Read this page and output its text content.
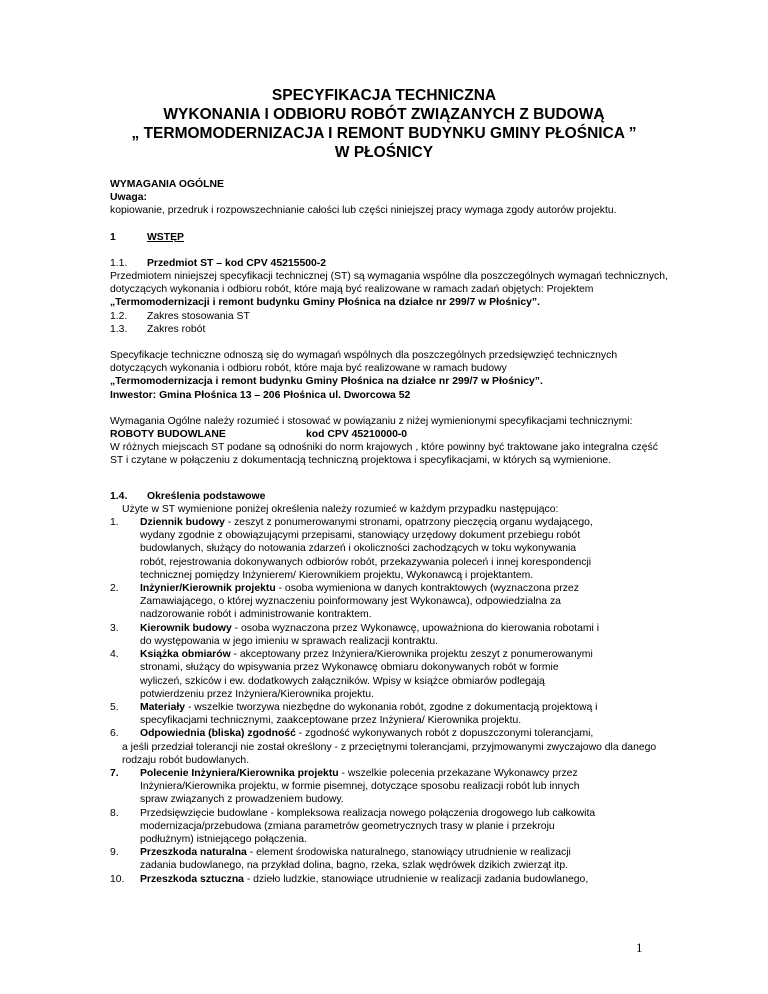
SPECYFIKACJA TECHNICZNA

WYKONANIA I ODBIORU ROBÓT ZWIĄZANYCH Z BUDOWĄ

„ TERMOMODERNIZACJA I REMONT BUDYNKU GMINY PŁOŚNICA ”

W PŁOŚNICY

WYMAGANIA OGÓLNE

Uwaga:

kopiowanie, przedruk i rozpowszechnianie całości lub części niniejszej pracy wymaga zgody autorów projektu.

1	WSTĘP

1.1. Przedmiot ST – kod CPV 45215500-2

Przedmiotem niniejszej specyfikacji technicznej (ST) są wymagania wspólne dla poszczególnych wymagań technicznych,

dotyczących wykonania i odbioru robót, które mają być realizowane w ramach zadań objętych: Projektem

„Termomodernizacji i remont budynku Gminy Płośnica na działce nr 299/7 w Płośnicy”.

1.2. Zakres stosowania ST

1.3. Zakres robót

Specyfikacje techniczne odnoszą się do wymagań wspólnych dla poszczególnych przedsięwzięć technicznych

dotyczących wykonania i odbioru robót, które maja być realizowane w ramach budowy

„Termomodernizacja i remont budynku Gminy Płośnica na działce nr 299/7 w Płośnicy”.

Inwestor: Gmina Płośnica 13 – 206 Płośnica ul. Dworcowa 52

Wymagania Ogólne należy rozumieć i stosować w powiązaniu z niżej wymienionymi specyfikacjami technicznymi:

ROBOTY BUDOWLANE	kod CPV 45210000-0

W różnych miejscach ST podane są odnośniki do norm krajowych , które powinny być traktowane jako integralna część

ST i czytane w połączeniu z dokumentacją techniczną projektowa i specyfikacjami, w których są wymienione.

1.4. Określenia podstawowe

Użyte w ST wymienione poniżej określenia należy rozumieć w każdym przypadku następująco:

1. Dziennik budowy - zeszyt z ponumerowanymi stronami, opatrzony pieczęcią organu wydającego,

wydany zgodnie z obowiązującymi przepisami, stanowiący urzędowy dokument przebiegu robót

budowlanych, służący do notowania zdarzeń i okoliczności zachodzących w toku wykonywania

robót, rejestrowania dokonywanych odbiorów robót, przekazywania poleceń i innej korespondencji

technicznej pomiędzy Inżynierem/ Kierownikiem projektu, Wykonawcą i projektantem.

2. Inżynier/Kierownik projektu - osoba wymieniona w danych kontraktowych (wyznaczona przez

Zamawiającego, o której wyznaczeniu poinformowany jest Wykonawca), odpowiedzialna za

nadzorowanie robót i administrowanie kontraktem.

3. Kierownik budowy - osoba wyznaczona przez Wykonawcę, upoważniona do kierowania robotami i

do występowania w jego imieniu w sprawach realizacji kontraktu.

4. Książka obmiarów - akceptowany przez Inżyniera/Kierownika projektu zeszyt z ponumerowanymi

stronami, służący do wpisywania przez Wykonawcę obmiaru dokonywanych robót w formie

wyliczeń, szkiców i ew. dodatkowych załączników. Wpisy w książce obmiarów podlegają

potwierdzeniu przez Inżyniera/Kierownika projektu.

5. Materiały - wszelkie tworzywa niezbędne do wykonania robót, zgodne z dokumentacją projektową i

specyfikacjami technicznymi, zaakceptowane przez Inżyniera/ Kierownika projektu.

6. Odpowiednia (bliska) zgodność - zgodność wykonywanych robót z dopuszczonymi tolerancjami,

a jeśli przedział tolerancji nie został określony - z przeciętnymi tolerancjami, przyjmowanymi zwyczajowo dla danego

rodzaju robót budowlanych.

7. Polecenie Inżyniera/Kierownika projektu - wszelkie polecenia przekazane Wykonawcy przez

Inżyniera/Kierownika projektu, w formie pisemnej, dotyczące sposobu realizacji robót lub innych

spraw związanych z prowadzeniem budowy.

8. Przedsięwzięcie budowlane - kompleksowa realizacja nowego połączenia drogowego lub całkowita

modernizacja/przebudowa (zmiana parametrów geometrycznych trasy w planie i przekroju

podłużnym) istniejącego połączenia.

9. Przeszkoda naturalna - element środowiska naturalnego, stanowiący utrudnienie w realizacji

zadania budowlanego, na przykład dolina, bagno, rzeka, szlak wędrówek dzikich zwierząt itp.

10. Przeszkoda sztuczna - dzieło ludzkie, stanowiące utrudnienie w realizacji zadania budowlanego,

1
